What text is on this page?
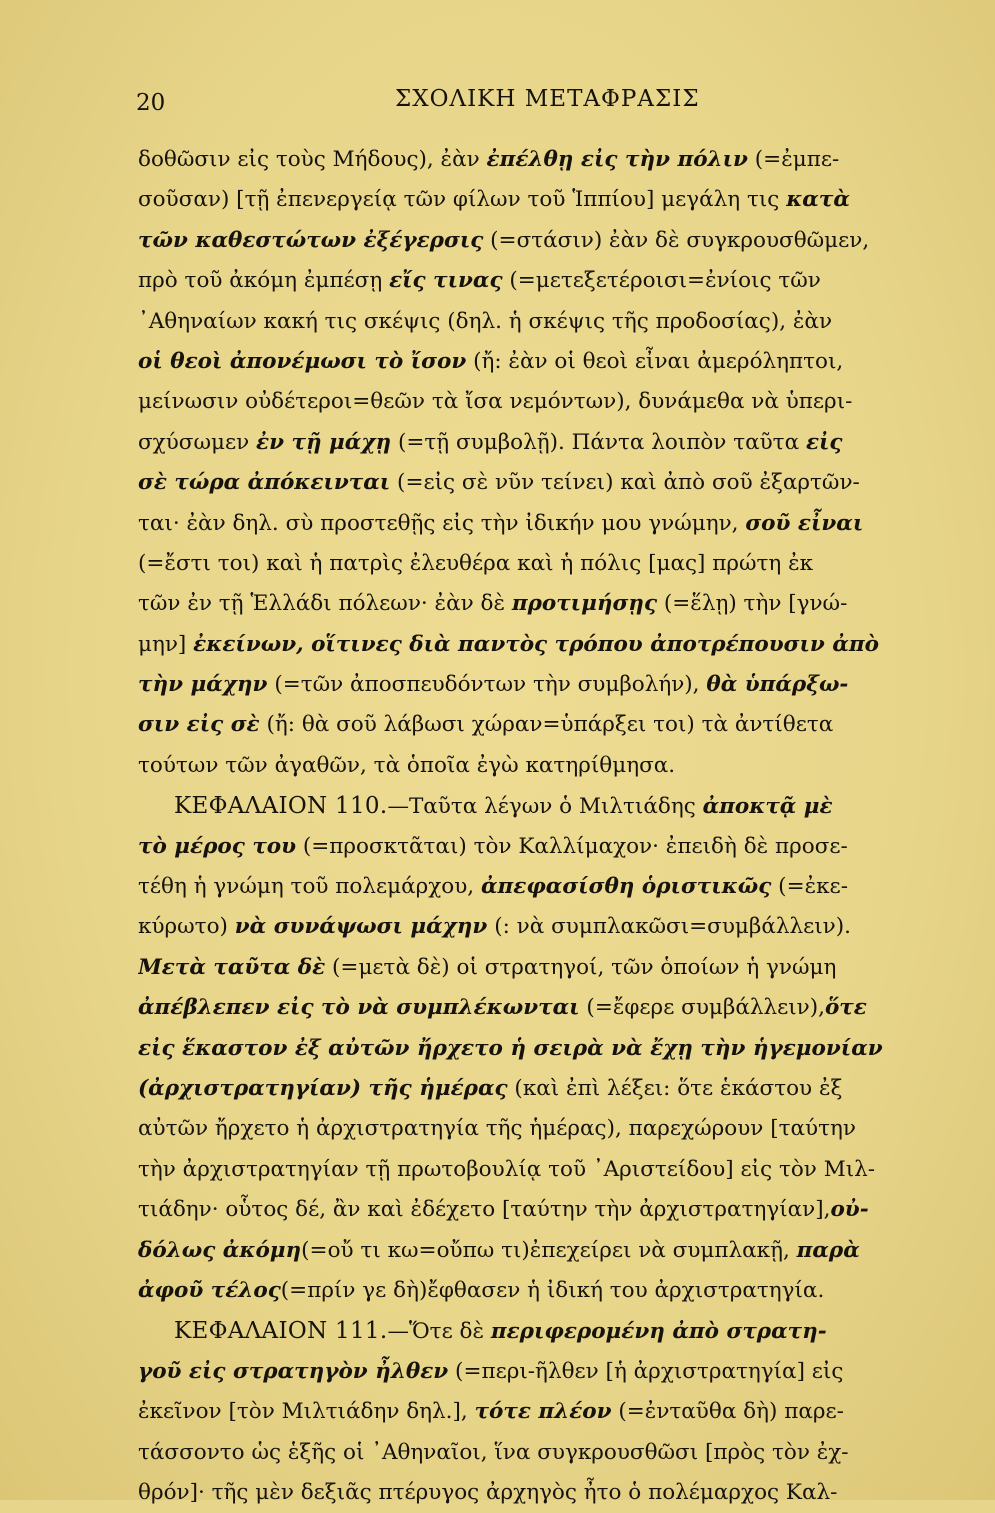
20	ΣΧΟΛΙΚΗ ΜΕΤΑΦΡΑΣΙΣ
δοθῶσιν εἰς τοὺς Μήδους), ἐὰν ἐπέλθῃ εἰς τὴν πόλιν (=ἐμπε-
σοῦσαν) [τῇ ἐπενεργείᾳ τῶν φίλων τοῦ Ἱππίου] μεγάλη τις κατὰ
τῶν καθεστώτων ἐξέγερσις (=στάσιν) ἐὰν δὲ συγκρουσθῶμεν,
πρὸ τοῦ ἀκόμη ἐμπέσῃ εἴς τινας (=μετεξετέροισι=ἐνίοις τῶν
᾿Αθηναίων κακή τις σκέψις (δηλ. ἡ σκέψις τῆς προδοσίας), ἐὰν
οἱ θεοὶ ἀπονέμωσι τὸ ἴσον (ἤ: ἐὰν οἱ θεοὶ εἶναι ἀμερόληπτοι,
μείνωσιν οὐδέτεροι=θεῶν τὰ ἴσα νεμόντων), δυνάμεθα νὰ ὑπερι-
σχύσωμεν ἐν τῇ μάχῃ (=τῇ συμβολῇ). Πάντα λοιπὸν ταῦτα εἰς
σὲ τώρα ἀπόκεινται (=εἰς σὲ νῦν τείνει) καὶ ἀπὸ σοῦ ἐξαρτῶν-
ται· ἐὰν δηλ. σὺ προστεθῇς εἰς τὴν ἰδικήν μου γνώμην, σοῦ εἶναι
(=ἔστι τοι) καὶ ἡ πατρὶς ἐλευθέρα καὶ ἡ πόλις [μας] πρώτη ἐκ
τῶν ἐν τῇ Ἑλλάδι πόλεων· ἐὰν δὲ προτιμήσῃς (=ἕλῃ) τὴν [γνώ-
μην] ἐκείνων, οἵτινες διὰ παντὸς τρόπου ἀποτρέπουσιν ἀπὸ
τὴν μάχην (=τῶν ἀποσπευδόντων τὴν συμβολήν), θὰ ὑπάρξω-
σιν εἰς σὲ (ἤ: θὰ σοῦ λάβωσι χώραν=ὑπάρξει τοι) τὰ ἀντίθετα
τούτων τῶν ἀγαθῶν, τὰ ὁποῖα ἐγὼ κατηρίθμησα.
ΚΕΦΑΛΑΙΟΝ 110.—Ταῦτα λέγων ὁ Μιλτιάδης ἀποκτᾷ μὲ
τὸ μέρος του (=προσκτᾶται) τὸν Καλλίμαχον· ἐπειδὴ δὲ προσε-
τέθη ἡ γνώμη τοῦ πολεμάρχου, ἀπεφασίσθη ὁριστικῶς (=ἐκε-
κύρωτο) νὰ συνάψωσι μάχην (: νὰ συμπλακῶσι=συμβάλλειν).
Μετὰ ταῦτα δὲ (=μετὰ δὲ) οἱ στρατηγοί, τῶν ὁποίων ἡ γνώμη
ἀπέβλεπεν εἰς τὸ νὰ συμπλέκωνται (=ἔφερε συμβάλλειν),ὅτε
εἰς ἕκαστον ἐξ αὐτῶν ἤρχετο ἡ σειρὰ νὰ ἔχῃ τὴν ἡγεμονίαν
(ἀρχιστρατηγίαν) τῆς ἡμέρας (καὶ ἐπὶ λέξει: ὅτε ἑκάστου ἐξ
αὐτῶν ἤρχετο ἡ ἀρχιστρατηγία τῆς ἡμέρας), παρεχώρουν [ταύτην
τὴν ἀρχιστρατηγίαν τῇ πρωτοβουλίᾳ τοῦ ᾿Αριστείδου] εἰς τὸν Μιλ-
τιάδην· οὗτος δέ, ἂν καὶ ἐδέχετο [ταύτην τὴν ἀρχιστρατηγίαν],οὐ-
δόλως ἀκόμη(=οὔ τι κω=οὔπω τι)ἐπεχείρει νὰ συμπλακῇ, παρὰ
ἀφοῦ τέλος(=πρίν γε δὴ)ἔφθασεν ἡ ἰδική του ἀρχιστρατηγία.
ΚΕΦΑΛΑΙΟΝ 111.—Ὅτε δὲ περιφερομένη ἀπὸ στρατη-
γοῦ εἰς στρατηγὸν ἦλθεν (=περι-ῆλθεν [ἡ ἀρχιστρατηγία] εἰς
ἐκεῖνον [τὸν Μιλτιάδην δηλ.], τότε πλέον (=ἐνταῦθα δὴ) παρε-
τάσσοντο ὡς ἑξῆς οἱ ᾿Αθηναῖοι, ἵνα συγκρουσθῶσι [πρὸς τὸν ἐχ-
θρόν]· τῆς μὲν δεξιᾶς πτέρυγος ἀρχηγὸς ἦτο ὁ πολέμαρχος Καλ-
